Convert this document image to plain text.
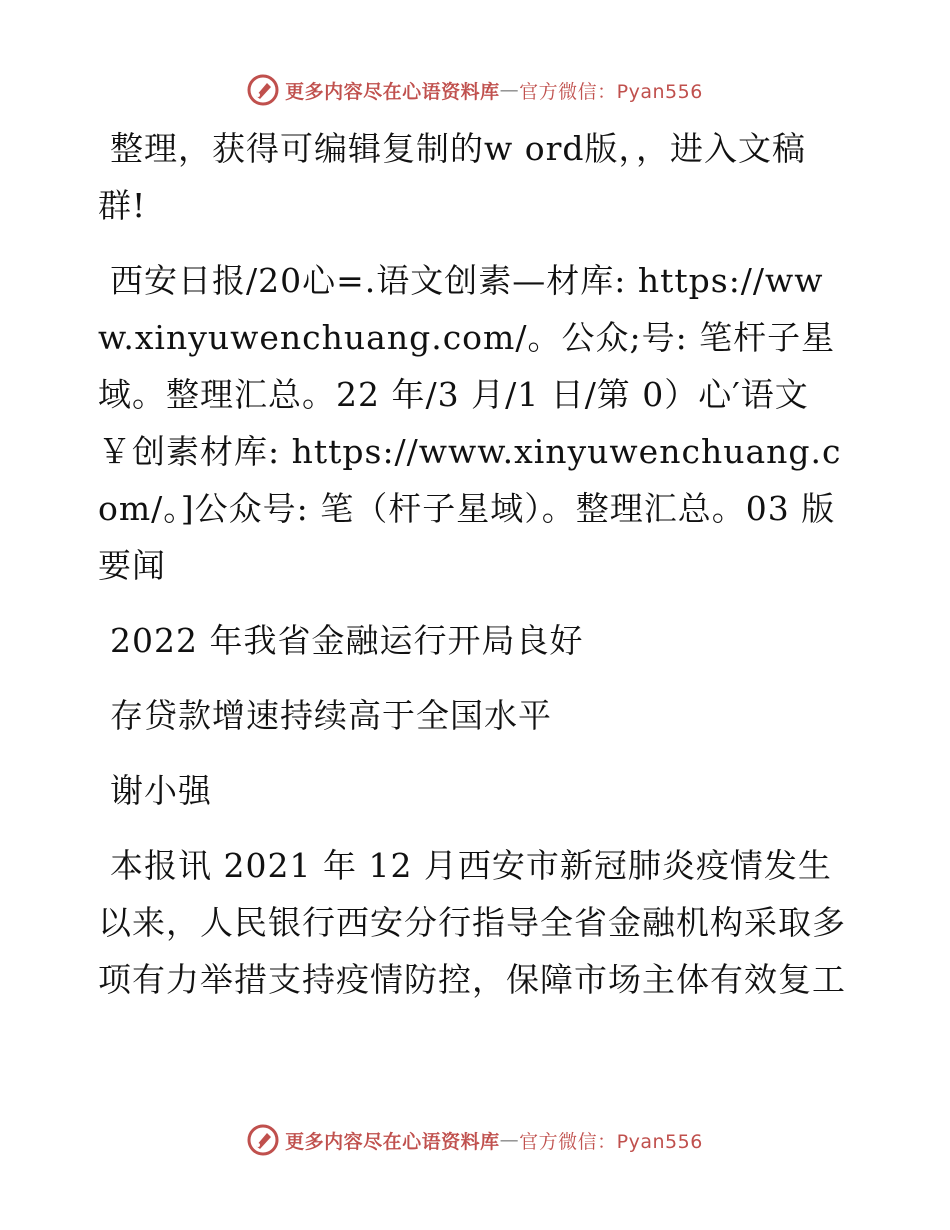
更多内容尽在心语资料库 — 官方微信：Pyan556

整理，获得可编辑复制的w ord版，，进入文稿群!

西安日报/20心=.语文创素—材库: https://www.xinyuwenchuang.com/。公众;号: 笔杆子星域。整理汇总。22 年/3 月/1 日/第 0）心′语文￥创素材库: https://www.xinyuwenchuang.com/。]公众号: 笔（杆子星域）。整理汇总。03 版要闻

2022 年我省金融运行开局良好

存贷款增速持续高于全国水平

谢小强

本报讯 2021 年 12 月西安市新冠肺炎疫情发生以来，人民银行西安分行指导全省金融机构采取多项有力举措支持疫情防控，保障市场主体有效复工

更多内容尽在心语资料库 — 官方微信：Pyan556
